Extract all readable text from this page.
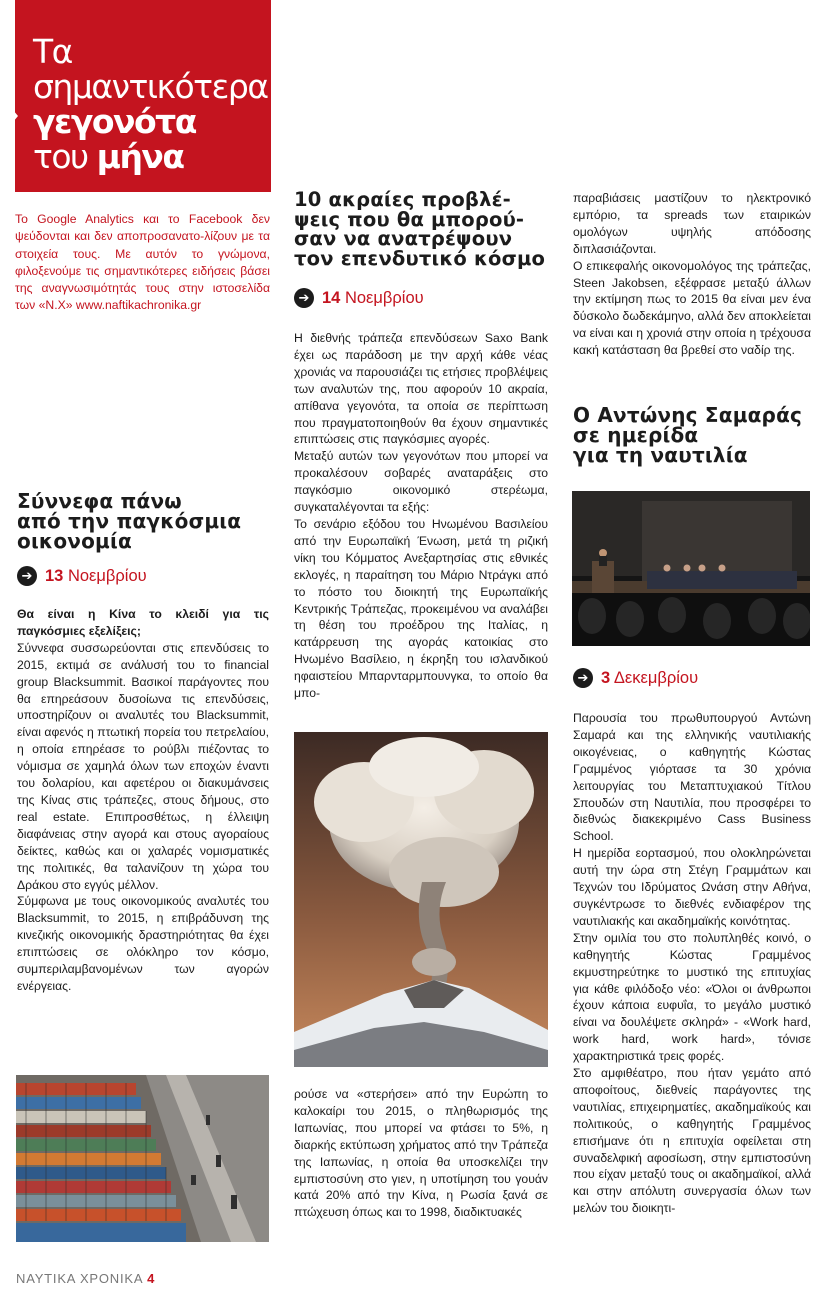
Τα
σημαντικότερα
γεγονότα
του μήνα
Το Google Analytics και το Facebook δεν ψεύδονται και δεν αποπροσανατο-λίζουν με τα στοιχεία τους. Με αυτόν το γνώμονα, φιλοξενούμε τις σημαντικότερες ειδήσεις βάσει της αναγνωσιμότητάς τους στην ιστοσελίδα των «Ν.Χ» www.naftikachronika.gr
Σύννεφα πάνω
από την παγκόσμια
οικονομία
➔ 13 Νοεμβρίου

Θα είναι η Κίνα το κλειδί για τις παγκόσμιες εξελίξεις;

Σύννεφα συσσωρεύονται στις επενδύσεις το 2015, εκτιμά σε ανάλυσή του το financial group Blacksummit. Βασικοί παράγοντες που θα επηρεάσουν δυσοίωνα τις επενδύσεις, υποστηρίζουν οι αναλυτές του Blacksummit, είναι αφενός η πτωτική πορεία του πετρελαίου, η οποία επηρέασε το ρούβλι πιέζοντας το νόμισμα σε χαμηλά όλων των εποχών έναντι του δολαρίου, και αφετέρου οι διακυμάνσεις της Κίνας στις τράπεζες, στους δήμους, στο real estate. Επιπροσθέτως, η έλλειψη διαφάνειας στην αγορά και στους αγοραίους δείκτες, καθώς και οι χαλαρές νομισματικές της πολιτικές, θα ταλανίζουν τη χώρα του Δράκου στο εγγύς μέλλον.

Σύμφωνα με τους οικονομικούς αναλυτές του Blacksummit, το 2015, η επιβράδυνση της κινεζικής οικονομικής δραστηριότητας θα έχει επιπτώσεις σε ολόκληρο τον κόσμο, συμπεριλαμβανομένων των αγορών ενέργειας.

10 ακραίες προβλέ-
ψεις που θα μπορού-
σαν να ανατρέψουν
τον επενδυτικό κόσμο
➔ 14 Νοεμβρίου

Η διεθνής τράπεζα επενδύσεων Saxo Bank έχει ως παράδοση με την αρχή κάθε νέας χρονιάς να παρουσιάζει τις ετήσιες προβλέψεις των αναλυτών της, που αφορούν 10 ακραία, απίθανα γεγονότα, τα οποία σε περίπτωση που πραγματοποιηθούν θα έχουν σημαντικές επιπτώσεις στις παγκόσμιες αγορές.

Μεταξύ αυτών των γεγονότων που μπορεί να προκαλέσουν σοβαρές αναταράξεις στο παγκόσμιο οικονομικό στερέωμα, συγκαταλέγονται τα εξής:

Το σενάριο εξόδου του Ηνωμένου Βασιλείου από την Ευρωπαϊκή Ένωση, μετά τη ριζική νίκη του Κόμματος Ανεξαρτησίας στις εθνικές εκλογές, η παραίτηση του Μάριο Ντράγκι από το πόστο του διοικητή της Ευρωπαϊκής Κεντρικής Τράπεζας, προκειμένου να αναλάβει τη θέση του προέδρου της Ιταλίας, η κατάρρευση της αγοράς κατοικίας στο Ηνωμένο Βασίλειο, η έκρηξη του ισλανδικού ηφαιστείου Μπαρνταρμπουνγκα, το οποίο θα μπο-

ρούσε να «στερήσει» από την Ευρώπη το καλοκαίρι του 2015, ο πληθωρισμός της Ιαπωνίας, που μπορεί να φτάσει το 5%, η διαρκής εκτύπωση χρήματος από την Τράπεζα της Ιαπωνίας, η οποία θα υποσκελίζει την εμπιστοσύνη στο γιεν, η υποτίμηση του γουάν κατά 20% από την Κίνα, η Ρωσία ξανά σε πτώχευση όπως και το 1998, διαδικτυακές

παραβιάσεις μαστίζουν το ηλεκτρονικό εμπόριο, τα spreads των εταιρικών ομολόγων υψηλής απόδοσης διπλασιάζονται.

Ο επικεφαλής οικονομολόγος της τράπεζας, Steen Jakobsen, εξέφρασε μεταξύ άλλων την εκτίμηση πως το 2015 θα είναι μεν ένα δύσκολο δωδεκάμηνο, αλλά δεν αποκλείεται να είναι και η χρονιά στην οποία η τρέχουσα κακή κατάσταση θα βρεθεί στο ναδίρ της.

Ο Αντώνης Σαμαράς
σε ημερίδα
για τη ναυτιλία
➔ 3 Δεκεμβρίου

Παρουσία του πρωθυπουργού Αντώνη Σαμαρά και της ελληνικής ναυτιλιακής οικογένειας, ο καθηγητής Κώστας Γραμμένος γιόρτασε τα 30 χρόνια λειτουργίας του Μεταπτυχιακού Τίτλου Σπουδών στη Ναυτιλία, που προσφέρει το διεθνώς διακεκριμένο Cass Business School.

Η ημερίδα εορτασμού, που ολοκληρώνεται αυτή την ώρα στη Στέγη Γραμμάτων και Τεχνών του Ιδρύματος Ωνάση στην Αθήνα, συγκέντρωσε το διεθνές ενδιαφέρον της ναυτιλιακής και ακαδημαϊκής κοινότητας.

Στην ομιλία του στο πολυπληθές κοινό, ο καθηγητής Κώστας Γραμμένος εκμυστηρεύτηκε το μυστικό της επιτυχίας για κάθε φιλόδοξο νέο: «Όλοι οι άνθρωποι έχουν κάποια ευφυΐα, το μεγάλο μυστικό είναι να δουλέψετε σκληρά» - «Work hard, work hard, work hard», τόνισε χαρακτηριστικά τρεις φορές.

Στο αμφιθέατρο, που ήταν γεμάτο από αποφοίτους, διεθνείς παράγοντες της ναυτιλίας, επιχειρηματίες, ακαδημαϊκούς και πολιτικούς, ο καθηγητής Γραμμένος επισήμανε ότι η επιτυχία οφείλεται στη συναδελφική αφοσίωση, στην εμπιστοσύνη που είχαν μεταξύ τους οι ακαδημαϊκοί, αλλά και στην απόλυτη συνεργασία όλων των μελών του διοικητι-

ΝΑΥΤΙΚΑ ΧΡΟΝΙΚΑ 4
